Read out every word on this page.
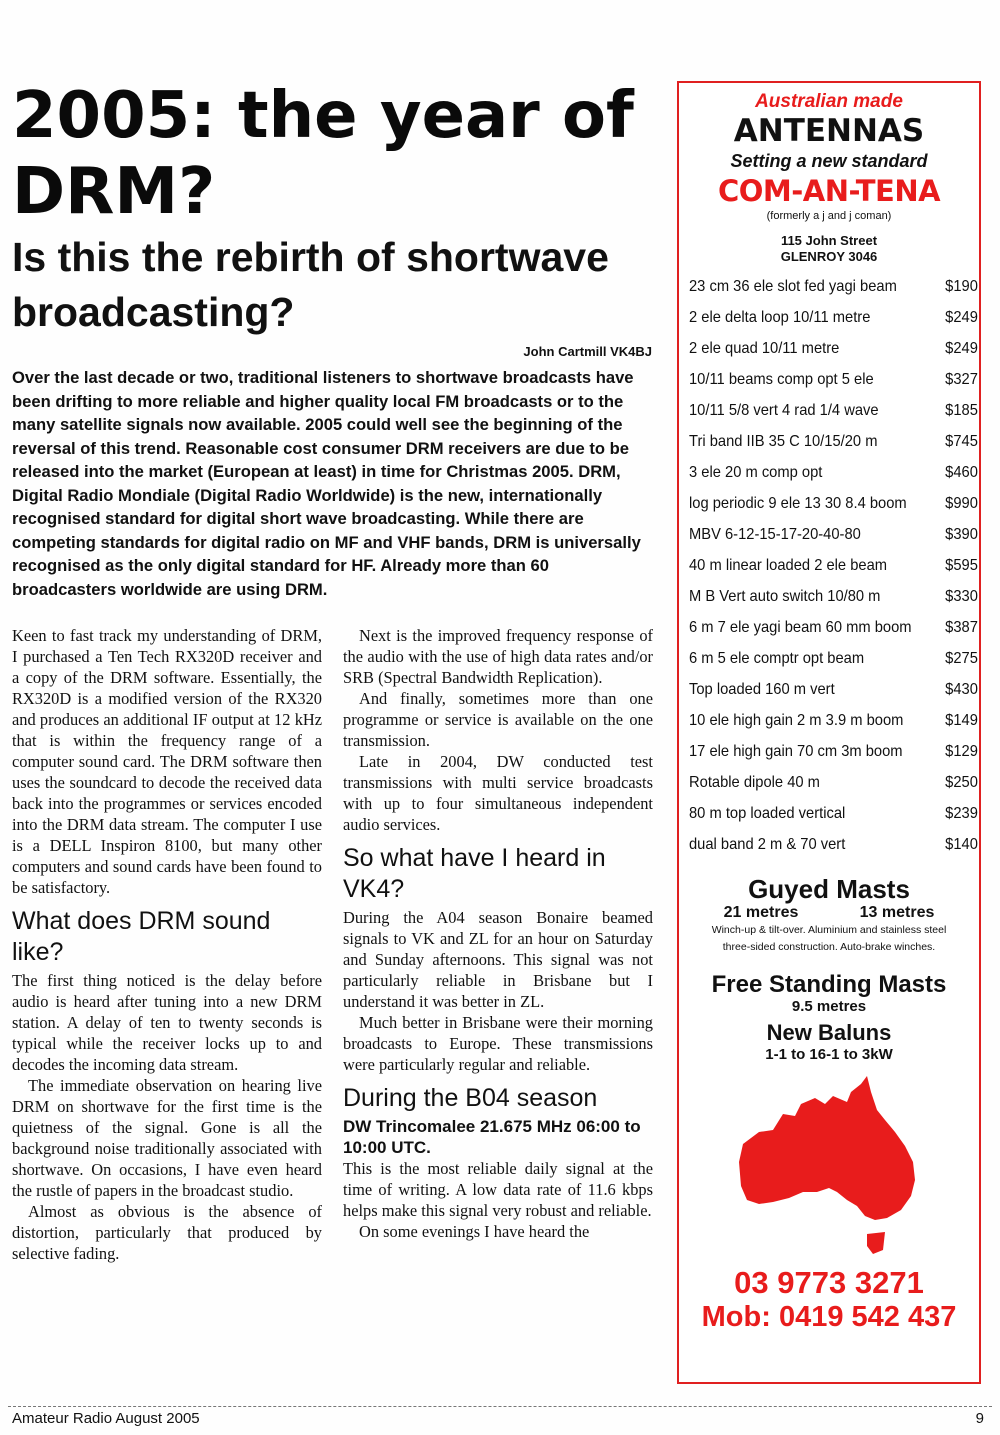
2005: the year of
DRM?
Is this the rebirth of shortwave broadcasting?
John Cartmill VK4BJ
Over the last decade or two, traditional listeners to shortwave broadcasts have been drifting to more reliable and higher quality local FM broadcasts or to the many satellite signals now available. 2005 could well see the beginning of the reversal of this trend. Reasonable cost consumer DRM receivers are due to be released into the market (European at least) in time for Christmas 2005. DRM, Digital Radio Mondiale (Digital Radio Worldwide) is the new, internationally recognised standard for digital short wave broadcasting. While there are competing standards for digital radio on MF and VHF bands, DRM is universally recognised as the only digital standard for HF. Already more than 60 broadcasters worldwide are using DRM.

Keen to fast track my understanding of DRM, I purchased a Ten Tech RX320D receiver and a copy of the DRM software. Essentially, the RX320D is a modified version of the RX320 and produces an additional IF output at 12 kHz that is within the frequency range of a computer sound card. The DRM software then uses the soundcard to decode the received data back into the programmes or services encoded into the DRM data stream. The computer I use is a DELL Inspiron 8100, but many other computers and sound cards have been found to be satisfactory.

What does DRM sound like?

The first thing noticed is the delay before audio is heard after tuning into a new DRM station. A delay of ten to twenty seconds is typical while the receiver locks up to and decodes the incoming data stream.

The immediate observation on hearing live DRM on shortwave for the first time is the quietness of the signal. Gone is all the background noise traditionally associated with shortwave. On occasions, I have even heard the rustle of papers in the broadcast studio.

Almost as obvious is the absence of distortion, particularly that produced by selective fading.

Next is the improved frequency response of the audio with the use of high data rates and/or SRB (Spectral Bandwidth Replication).

And finally, sometimes more than one programme or service is available on the one transmission.

Late in 2004, DW conducted test transmissions with multi service broadcasts with up to four simultaneous independent audio services.

So what have I heard in VK4?

During the A04 season Bonaire beamed signals to VK and ZL for an hour on Saturday and Sunday afternoons. This signal was not particularly reliable in Brisbane but I understand it was better in ZL.

Much better in Brisbane were their morning broadcasts to Europe. These transmissions were particularly regular and reliable.

During the B04 season
DW Trincomalee 21.675 MHz 06:00 to 10:00 UTC.

This is the most reliable daily signal at the time of writing. A low data rate of 11.6 kbps helps make this signal very robust and reliable.

On some evenings I have heard the

Australian made
ANTENNAS
Setting a new standard
COM-AN-TENA
(formerly a j and j coman)
115 John Street
GLENROY 3046
23 cm 36 ele slot fed yagi beam	$190
2 ele delta loop 10/11 metre	$249
2 ele quad 10/11 metre	$249
10/11 beams comp opt 5 ele	$327
10/11 5/8 vert 4 rad 1/4 wave	$185
Tri band IIB 35 C 10/15/20 m	$745
3 ele 20 m comp opt	$460
log periodic 9 ele 13 30 8.4 boom $990
MBV 6-12-15-17-20-40-80	$390
40 m linear loaded 2 ele beam	$595
M B Vert auto switch 10/80 m	$330
6 m 7 ele yagi beam 60 mm boom $387
6 m 5 ele comptr opt beam	$275
Top loaded 160 m vert	$430
10 ele high gain 2 m 3.9 m boom	$149
17 ele high gain 70 cm 3m boom	$129
Rotable dipole 40 m	$250
80 m top loaded vertical	$239
dual band 2 m & 70 vert	$140
Guyed Masts
21 metres	13 metres
Winch-up & tilt-over. Aluminium and stainless steel
three-sided construction. Auto-brake winches.
Free Standing Masts
9.5 metres
New Baluns
1-1 to 16-1 to 3kW
03 9773 3271
Mob: 0419 542 437
Amateur Radio August 2005	9
